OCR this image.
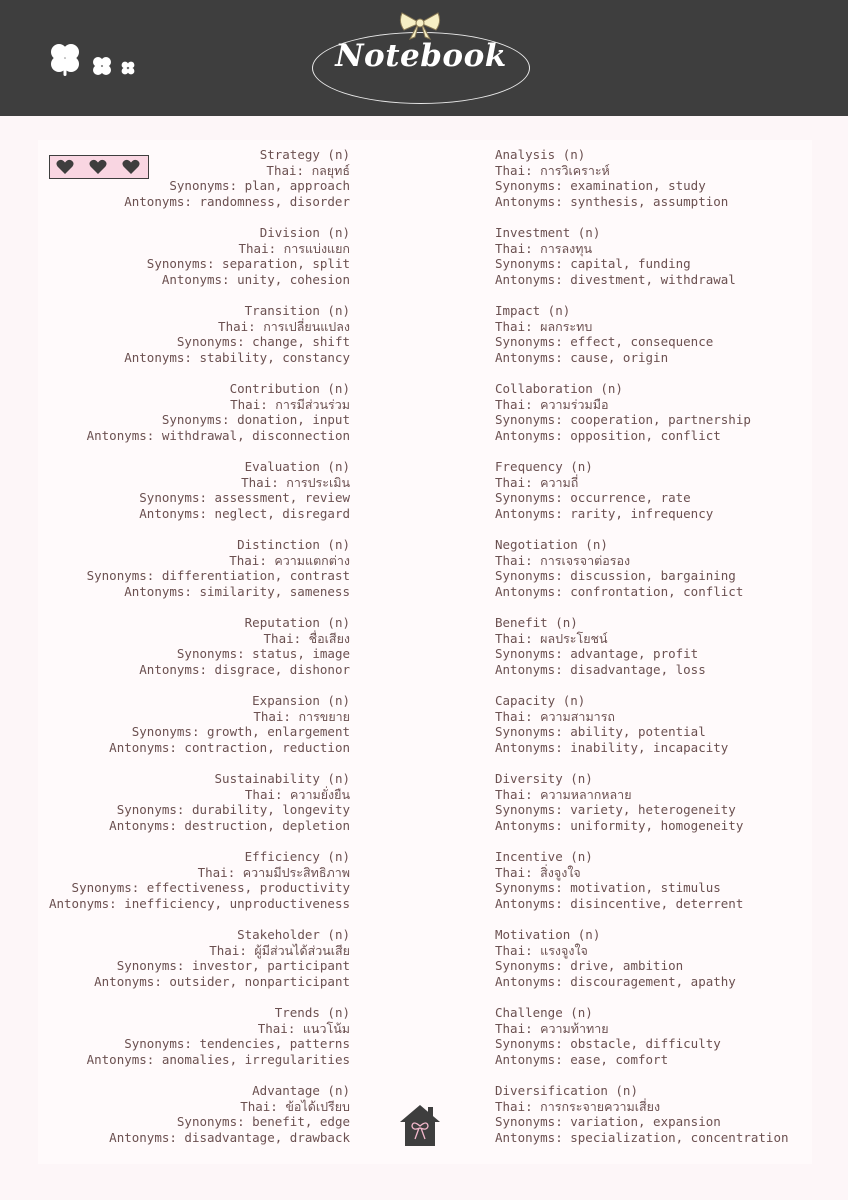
Notebook
Strategy (n)
Thai: กลยุทธ์
Synonyms: plan, approach
Antonyms: randomness, disorder
Division (n)
Thai: การแบ่งแยก
Synonyms: separation, split
Antonyms: unity, cohesion
Transition (n)
Thai: การเปลี่ยนแปลง
Synonyms: change, shift
Antonyms: stability, constancy
Contribution (n)
Thai: การมีส่วนร่วม
Synonyms: donation, input
Antonyms: withdrawal, disconnection
Evaluation (n)
Thai: การประเมิน
Synonyms: assessment, review
Antonyms: neglect, disregard
Distinction (n)
Thai: ความแตกต่าง
Synonyms: differentiation, contrast
Antonyms: similarity, sameness
Reputation (n)
Thai: ชื่อเสียง
Synonyms: status, image
Antonyms: disgrace, dishonor
Expansion (n)
Thai: การขยาย
Synonyms: growth, enlargement
Antonyms: contraction, reduction
Sustainability (n)
Thai: ความยั่งยืน
Synonyms: durability, longevity
Antonyms: destruction, depletion
Efficiency (n)
Thai: ความมีประสิทธิภาพ
Synonyms: effectiveness, productivity
Antonyms: inefficiency, unproductiveness
Stakeholder (n)
Thai: ผู้มีส่วนได้ส่วนเสีย
Synonyms: investor, participant
Antonyms: outsider, nonparticipant
Trends (n)
Thai: แนวโน้ม
Synonyms: tendencies, patterns
Antonyms: anomalies, irregularities
Advantage (n)
Thai: ข้อได้เปรียบ
Synonyms: benefit, edge
Antonyms: disadvantage, drawback
Analysis (n)
Thai: การวิเคราะห์
Synonyms: examination, study
Antonyms: synthesis, assumption
Investment (n)
Thai: การลงทุน
Synonyms: capital, funding
Antonyms: divestment, withdrawal
Impact (n)
Thai: ผลกระทบ
Synonyms: effect, consequence
Antonyms: cause, origin
Collaboration (n)
Thai: ความร่วมมือ
Synonyms: cooperation, partnership
Antonyms: opposition, conflict
Frequency (n)
Thai: ความถี่
Synonyms: occurrence, rate
Antonyms: rarity, infrequency
Negotiation (n)
Thai: การเจรจาต่อรอง
Synonyms: discussion, bargaining
Antonyms: confrontation, conflict
Benefit (n)
Thai: ผลประโยชน์
Synonyms: advantage, profit
Antonyms: disadvantage, loss
Capacity (n)
Thai: ความสามารถ
Synonyms: ability, potential
Antonyms: inability, incapacity
Diversity (n)
Thai: ความหลากหลาย
Synonyms: variety, heterogeneity
Antonyms: uniformity, homogeneity
Incentive (n)
Thai: สิ่งจูงใจ
Synonyms: motivation, stimulus
Antonyms: disincentive, deterrent
Motivation (n)
Thai: แรงจูงใจ
Synonyms: drive, ambition
Antonyms: discouragement, apathy
Challenge (n)
Thai: ความท้าทาย
Synonyms: obstacle, difficulty
Antonyms: ease, comfort
Diversification (n)
Thai: การกระจายความเสี่ยง
Synonyms: variation, expansion
Antonyms: specialization, concentration
